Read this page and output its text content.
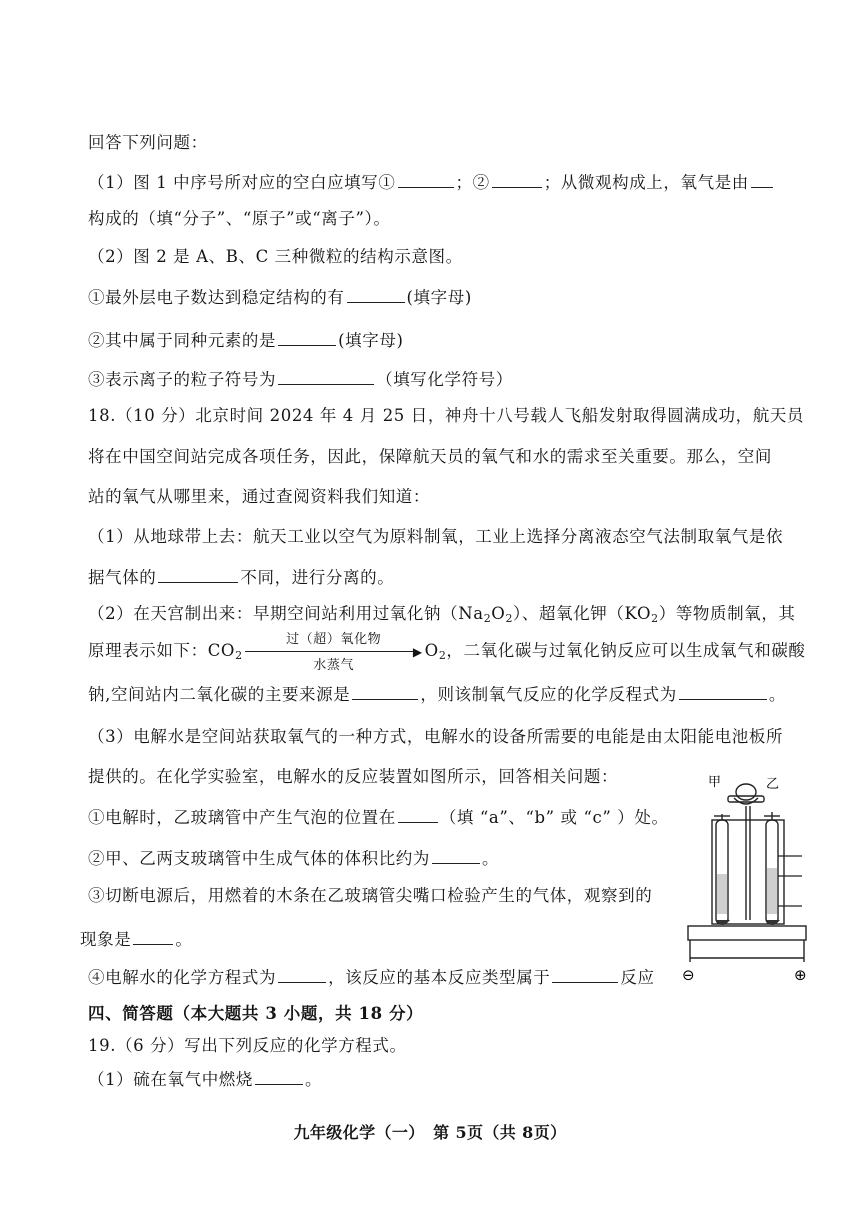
回答下列问题：
（1）图 1 中序号所对应的空白应填写①	；②	；从微观构成上，氧气是由
构成的（填“分子”、“原子”或“离子”）。
（2）图 2 是 A、B、C 三种微粒的结构示意图。
①最外层电子数达到稳定结构的有	(填字母)
②其中属于同种元素的是	(填字母)
③表示离子的粒子符号为	（填写化学符号）
18.（10 分）北京时间 2024 年 4 月 25 日，神舟十八号载人飞船发射取得圆满成功，航天员
将在中国空间站完成各项任务，因此，保障航天员的氧气和水的需求至关重要。那么，空间
站的氧气从哪里来，通过查阅资料我们知道：
（1）从地球带上去：航天工业以空气为原料制氧，工业上选择分离液态空气法制取氧气是依
据气体的	不同，进行分离的。
（2）在天宫制出来：早期空间站利用过氧化钠$(Na_2O_2)$、超氧化钾$(KO_2)$等物质制氧，其
原理表示如下：$CO_2$
过（超）氧化物
▶
水蒸气
$O_2$，二氧化碳与过氧化钠反应可以生成氧气和碳酸
钠,空间站内二氧化碳的主要来源是	，则该制氧气反应的化学反程式为	。
（3）电解水是空间站获取氧气的一种方式，电解水的设备所需要的电能是由太阳能电池板所
提供的。在化学实验室，电解水的反应装置如图所示，回答相关问题：
①电解时，乙玻璃管中产生气泡的位置在	（填 “a”、“b” 或 “c” ）处。
②甲、乙两支玻璃管中生成气体的体积比约为	。
③切断电源后，用燃着的木条在乙玻璃管尖嘴口检验产生的气体，观察到的
现象是	。
④电解水的化学方程式为	，该反应的基本反应类型属于	反应
甲	乙
⊖	⊕
四、简答题（本大题共 3 小题，共 18 分）
19.（6 分）写出下列反应的化学方程式。
（1）硫在氧气中燃烧	。
九年级化学（一）　第 5页（共 8页）
